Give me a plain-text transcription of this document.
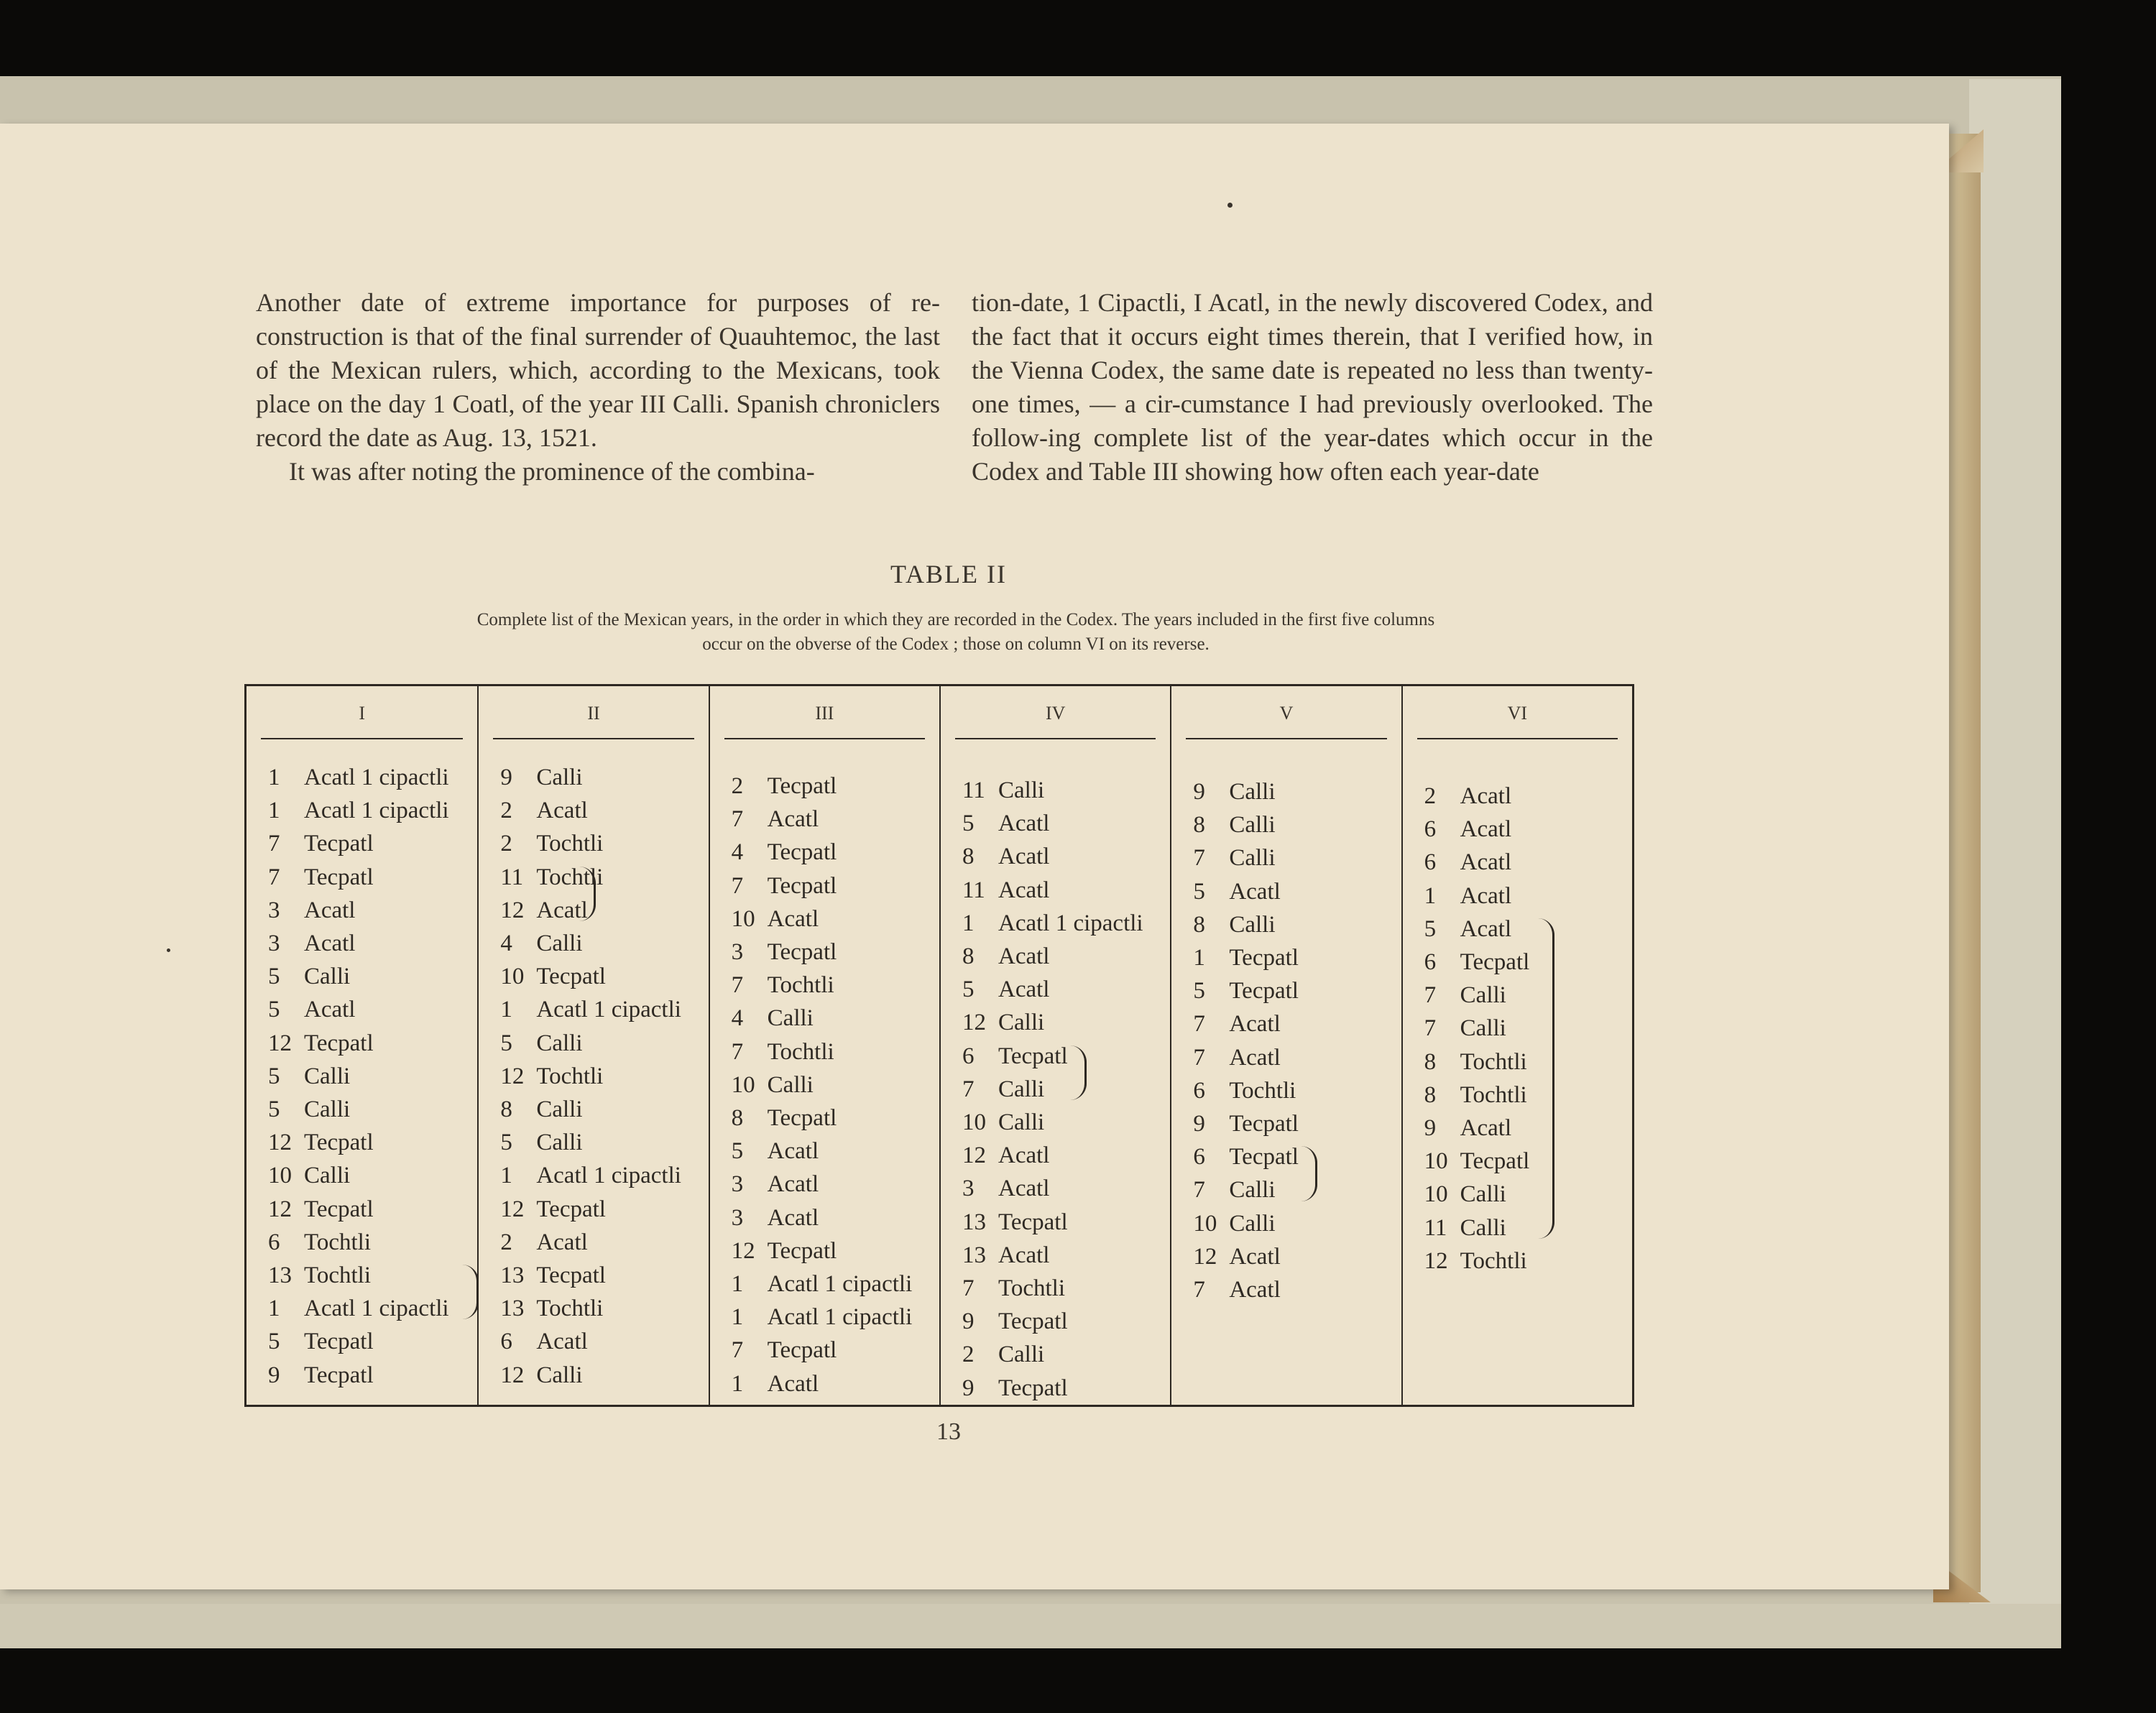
Another date of extreme importance for purposes of re-construction is that of the final surrender of Quauhtemoc, the last of the Mexican rulers, which, according to the Mexicans, took place on the day 1 Coatl, of the year III Calli. Spanish chroniclers record the date as Aug. 13, 1521.

It was after noting the prominence of the combina-

tion-date, 1 Cipactli, I Acatl, in the newly discovered Codex, and the fact that it occurs eight times therein, that I verified how, in the Vienna Codex, the same date is repeated no less than twenty-one times, — a cir-cumstance I had previously overlooked. The follow-ing complete list of the year-dates which occur in the Codex and Table III showing how often each year-date

TABLE II
Complete list of the Mexican years, in the order in which they are recorded in the Codex. The years included in the first five columns
occur on the obverse of the Codex ; those on column VI on its reverse.
I
1 Acatl 1 cipactli
1 Acatl 1 cipactli
7 Tecpatl
7 Tecpatl
3 Acatl
3 Acatl
5 Calli
5 Acatl
12 Tecpatl
5 Calli
5 Calli
12 Tecpatl
10 Calli
12 Tecpatl
6 Tochtli
13 Tochtli
1 Acatl 1 cipactli
5 Tecpatl
9 Tecpatl
II
9 Calli
2 Acatl
2 Tochtli
11 Tochtli
12 Acatl
4 Calli
10 Tecpatl
1 Acatl 1 cipactli
5 Calli
12 Tochtli
8 Calli
5 Calli
1 Acatl 1 cipactli
12 Tecpatl
2 Acatl
13 Tecpatl
13 Tochtli
6 Acatl
12 Calli
III
2 Tecpatl
7 Acatl
4 Tecpatl
7 Tecpatl
10 Acatl
3 Tecpatl
7 Tochtli
4 Calli
7 Tochtli
10 Calli
8 Tecpatl
5 Acatl
3 Acatl
3 Acatl
12 Tecpatl
1 Acatl 1 cipactli
1 Acatl 1 cipactli
7 Tecpatl
1 Acatl
IV
11 Calli
5 Acatl
8 Acatl
11 Acatl
1 Acatl 1 cipactli
8 Acatl
5 Acatl
12 Calli
6 Tecpatl
7 Calli
10 Calli
12 Acatl
3 Acatl
13 Tecpatl
13 Acatl
7 Tochtli
9 Tecpatl
2 Calli
9 Tecpatl
V
9 Calli
8 Calli
7 Calli
5 Acatl
8 Calli
1 Tecpatl
5 Tecpatl
7 Acatl
7 Acatl
6 Tochtli
9 Tecpatl
6 Tecpatl
7 Calli
10 Calli
12 Acatl
7 Acatl
VI
2 Acatl
6 Acatl
6 Acatl
1 Acatl
5 Acatl
6 Tecpatl
7 Calli
7 Calli
8 Tochtli
8 Tochtli
9 Acatl
10 Tecpatl
10 Calli
11 Calli
12 Tochtli
13
